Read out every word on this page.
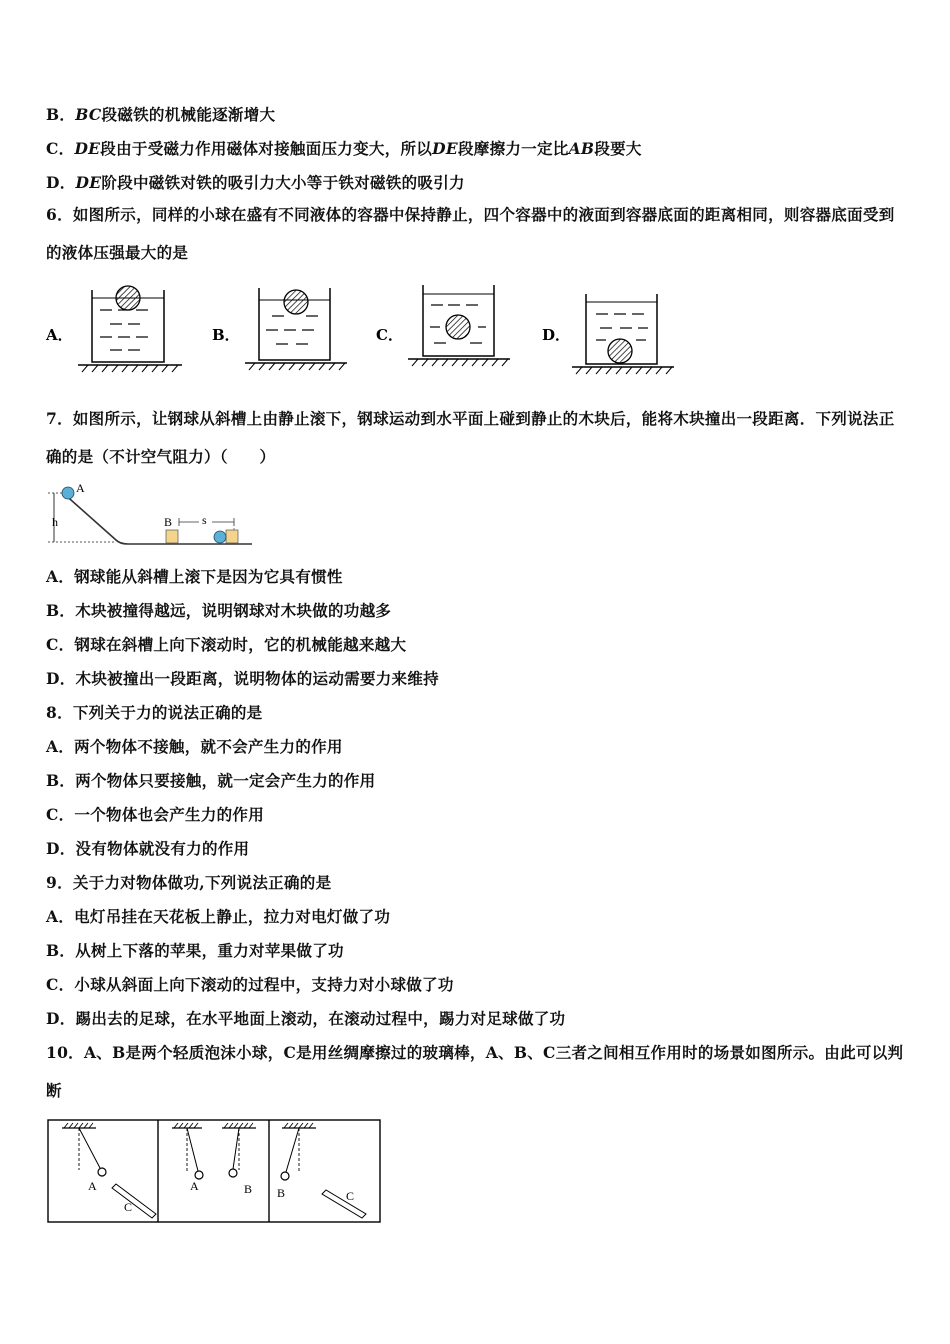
B．BC段磁铁的机械能逐渐增大
C．DE段由于受磁力作用磁体对接触面压力变大，所以DE段摩擦力一定比AB段要大
D．DE阶段中磁铁对铁的吸引力大小等于铁对磁铁的吸引力
6．如图所示，同样的小球在盛有不同液体的容器中保持静止，四个容器中的液面到容器底面的距离相同，则容器底面受到的液体压强最大的是
A．	B．	C．	D．
7．如图所示，让钢球从斜槽上由静止滚下，钢球运动到水平面上碰到静止的木块后，能将木块撞出一段距离．下列说法正确的是（不计空气阻力）（　　）
h
A
B s
A．钢球能从斜槽上滚下是因为它具有惯性
B．木块被撞得越远，说明钢球对木块做的功越多
C．钢球在斜槽上向下滚动时，它的机械能越来越大
D．木块被撞出一段距离，说明物体的运动需要力来维持
8．下列关于力的说法正确的是
A．两个物体不接触，就不会产生力的作用
B．两个物体只要接触，就一定会产生力的作用
C．一个物体也会产生力的作用
D．没有物体就没有力的作用
9．关于力对物体做功,下列说法正确的是
A．电灯吊挂在天花板上静止，拉力对电灯做了功
B．从树上下落的苹果，重力对苹果做了功
C．小球从斜面上向下滚动的过程中，支持力对小球做了功
D．踢出去的足球，在水平地面上滚动，在滚动过程中，踢力对足球做了功
10．A、B是两个轻质泡沫小球，C是用丝绸摩擦过的玻璃棒，A、B、C三者之间相互作用时的场景如图所示。由此可以判断
A
C
A	B B	C
